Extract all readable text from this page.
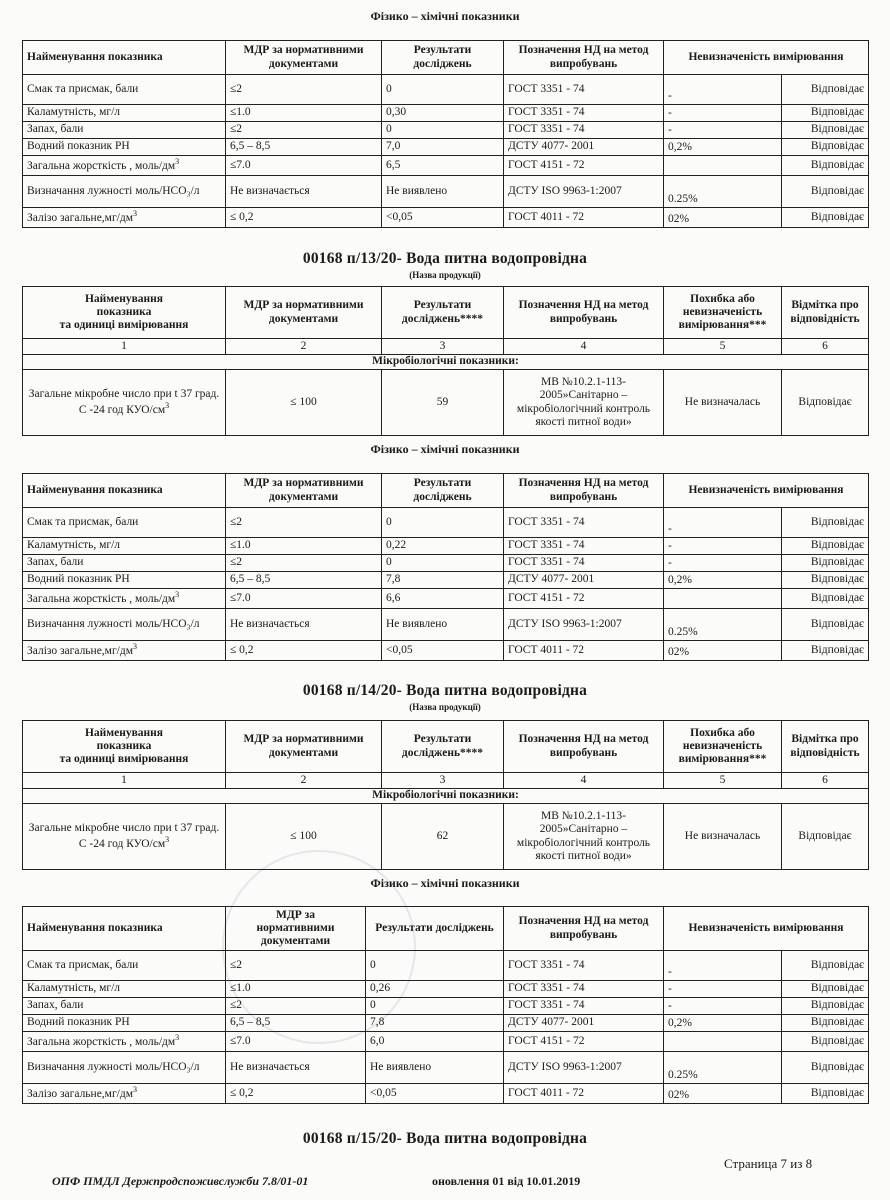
Фізико – хімічні показники
Найменування показника	МДР за нормативними документами	Результати досліджень	Позначення НД на метод випробувань	Невизначеність вимірювання	
Смак та присмак, бали	≤2	0	ГОСТ 3351 - 74	-	Відповідає
Каламутність, мг/л	≤1.0	0,30	ГОСТ 3351 - 74	-	Відповідає
Запах, бали	≤2	0	ГОСТ 3351 - 74	-	Відповідає
Водний показник PH	6,5 – 8,5	7,0	ДСТУ 4077- 2001	0,2%	Відповідає
Загальна жорсткість , моль/$дм^3$	≤7.0	6,5	ГОСТ 4151 - 72		Відповідає
Визначання лужності моль/НСО₃/л	Не визначається	Не виявлено	ДСТУ ISO 9963-1:2007	0.25%	Відповідає
Залізо $загальне,мг/дм^3$	≤ 0,2	<0,05	ГОСТ 4011 - 72	02%	Відповідає
00168 п/13/20- Вода питна водопровідна
(Назва продукції)
Найменування
показника
та одиниці вимірювання	МДР за нормативними документами	Результати досліджень****	Позначення НД на метод випробувань	Похибка або невизначеність вимірювання***	Відмітка про відповідність
1	2	3	4	5	6
Мікробіологічні показники:					
Загальне мікробне число при t 37 град. С -24 год КУО/$см^3$	≤ 100	59	МВ №10.2.1-113-2005»Санітарно – мікробіологічний контроль якості питної води»	Не визначалась	Відповідає
Фізико – хімічні показники
Найменування показника	МДР за нормативними документами	Результати досліджень	Позначення НД на метод випробувань	Невизначеність вимірювання	
Смак та присмак, бали	≤2	0	ГОСТ 3351 - 74	-	Відповідає
Каламутність, мг/л	≤1.0	0,22	ГОСТ 3351 - 74	-	Відповідає
Запах, бали	≤2	0	ГОСТ 3351 - 74	-	Відповідає
Водний показник PH	6,5 – 8,5	7,8	ДСТУ 4077- 2001	0,2%	Відповідає
Загальна жорсткість , моль/$дм^3$	≤7.0	6,6	ГОСТ 4151 - 72		Відповідає
Визначання лужності моль/НСО₃/л	Не визначається	Не виявлено	ДСТУ ISO 9963-1:2007	0.25%	Відповідає
Залізо $загальне,мг/дм^3$	≤ 0,2	<0,05	ГОСТ 4011 - 72	02%	Відповідає
00168 п/14/20- Вода питна водопровідна
(Назва продукції)
Найменування
показника
та одиниці вимірювання	МДР за нормативними документами	Результати досліджень****	Позначення НД на метод випробувань	Похибка або невизначеність вимірювання***	Відмітка про відповідність
1	2	3	4	5	6
Мікробіологічні показники:					
Загальне мікробне число при t 37 град. С -24 год КУО/$см^3$	≤ 100	62	МВ №10.2.1-113-2005»Санітарно – мікробіологічний контроль якості питної води»	Не визначалась	Відповідає
Фізико – хімічні показники
Найменування показника	МДР за
нормативними
документами	Результати досліджень	Позначення НД на метод випробувань	Невизначеність вимірювання	
Смак та присмак, бали	≤2	0	ГОСТ 3351 - 74	-	Відповідає
Каламутність, мг/л	≤1.0	0,26	ГОСТ 3351 - 74	-	Відповідає
Запах, бали	≤2	0	ГОСТ 3351 - 74	-	Відповідає
Водний показник PH	6,5 – 8,5	7,8	ДСТУ 4077- 2001	0,2%	Відповідає
Загальна жорсткість , моль/$дм^3$	≤7.0	6,0	ГОСТ 4151 - 72		Відповідає
Визначання лужності моль/НСО₃/л	Не визначається	Не виявлено	ДСТУ ISO 9963-1:2007	0.25%	Відповідає
Залізо $загальне,мг/дм^3$	≤ 0,2	<0,05	ГОСТ 4011 - 72	02%	Відповідає
00168 п/15/20- Вода питна водопровідна
Страница 7 из 8
ОПФ ПМДЛ Держпродспоживслужби 7.8/01-01	оновлення 01 від 10.01.2019
